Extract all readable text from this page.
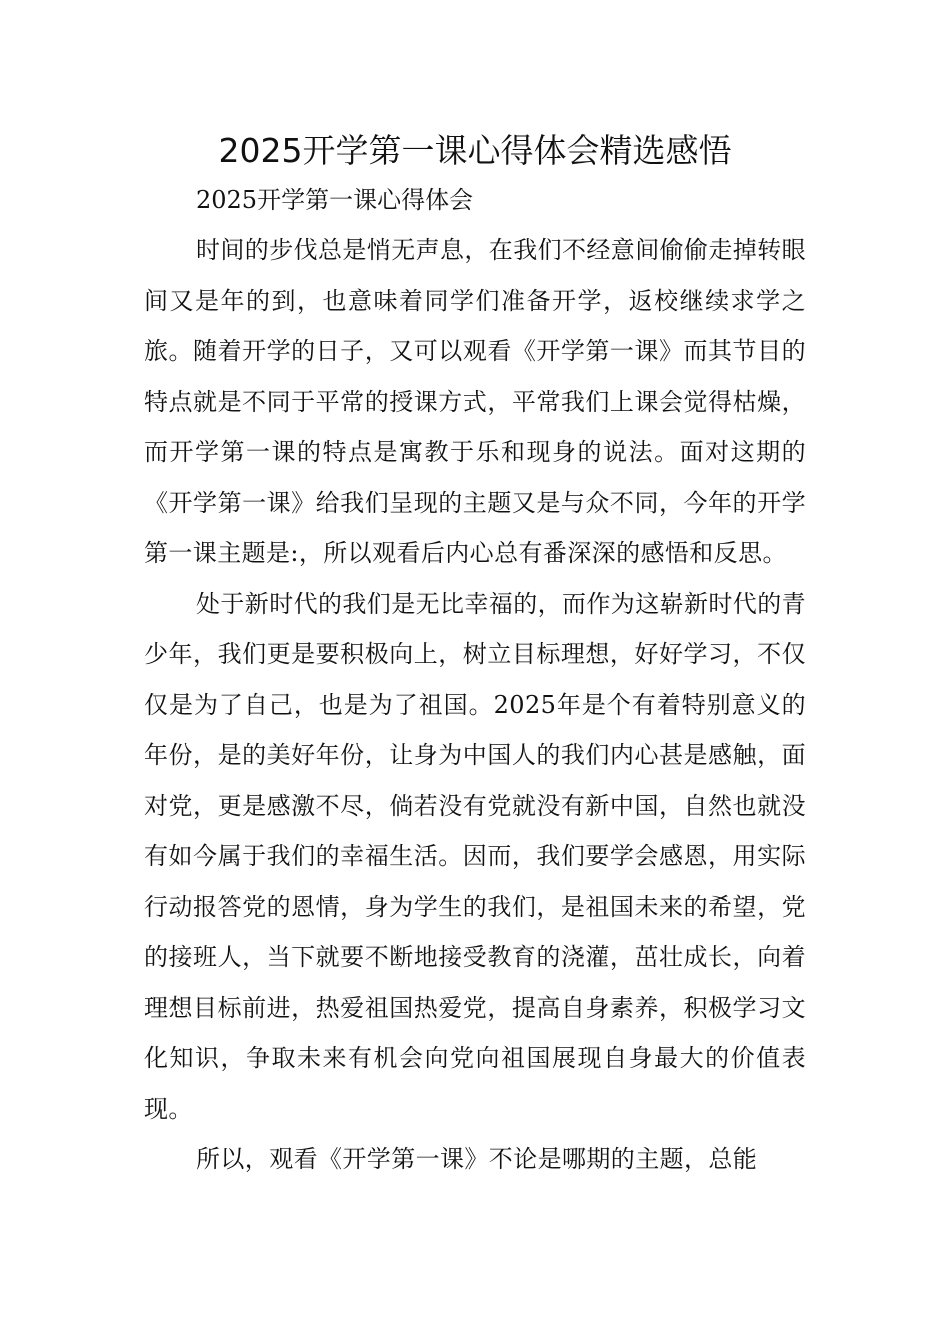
2025开学第一课心得体会精选感悟

2025开学第一课心得体会

时间的步伐总是悄无声息，在我们不经意间偷偷走掉转眼间又是年的到，也意味着同学们准备开学，返校继续求学之旅。随着开学的日子，又可以观看《开学第一课》而其节目的特点就是不同于平常的授课方式，平常我们上课会觉得枯燥，而开学第一课的特点是寓教于乐和现身的说法。面对这期的《开学第一课》给我们呈现的主题又是与众不同，今年的开学第一课主题是:，所以观看后内心总有番深深的感悟和反思。

处于新时代的我们是无比幸福的，而作为这崭新时代的青少年，我们更是要积极向上，树立目标理想，好好学习，不仅仅是为了自己，也是为了祖国。2025年是个有着特别意义的年份，是的美好年份，让身为中国人的我们内心甚是感触，面对党，更是感激不尽，倘若没有党就没有新中国，自然也就没有如今属于我们的幸福生活。因而，我们要学会感恩，用实际行动报答党的恩情，身为学生的我们，是祖国未来的希望，党的接班人，当下就要不断地接受教育的浇灌，茁壮成长，向着理想目标前进，热爱祖国热爱党，提高自身素养，积极学习文化知识，争取未来有机会向党向祖国展现自身最大的价值表现。

所以，观看《开学第一课》不论是哪期的主题，总能
